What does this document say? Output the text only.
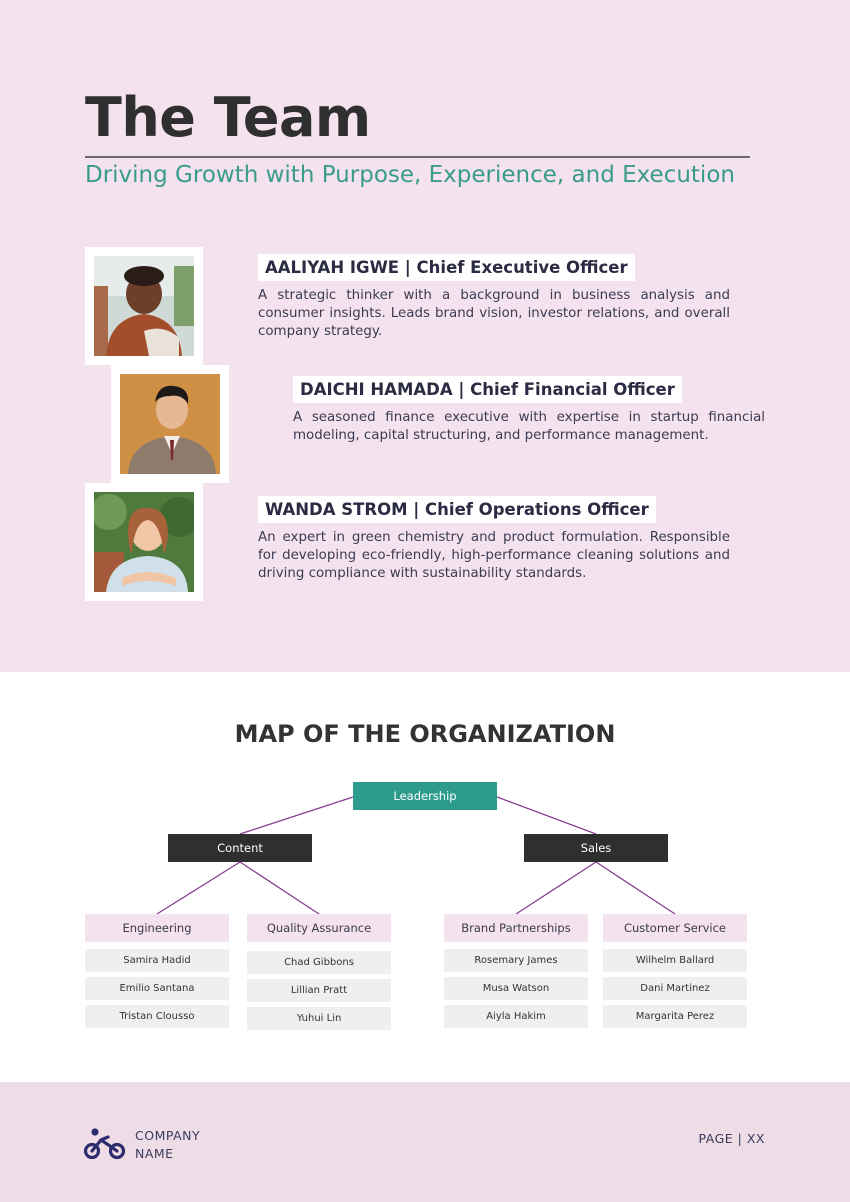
The Team
Driving Growth with Purpose, Experience, and Execution
AALIYAH IGWE | Chief Executive Officer
A strategic thinker with a background in business analysis and consumer insights. Leads brand vision, investor relations, and overall company strategy.
DAICHI HAMADA | Chief Financial Officer
A seasoned finance executive with expertise in startup financial modeling, capital structuring, and performance management.
WANDA STROM | Chief Operations Officer
An expert in green chemistry and product formulation. Responsible for developing eco-friendly, high-performance cleaning solutions and driving compliance with sustainability standards.
MAP OF THE ORGANIZATION
Leadership
Content	Sales
Engineering
Samira Hadid
Emilio Santana
Tristan Clousso
Quality Assurance
Chad Gibbons
Lillian Pratt
Yuhui Lin
Brand Partnerships
Rosemary James
Musa Watson
Aiyla Hakim
Customer Service
Wilhelm Ballard
Dani Martinez
Margarita Perez
COMPANY
NAME
PAGE | XX
